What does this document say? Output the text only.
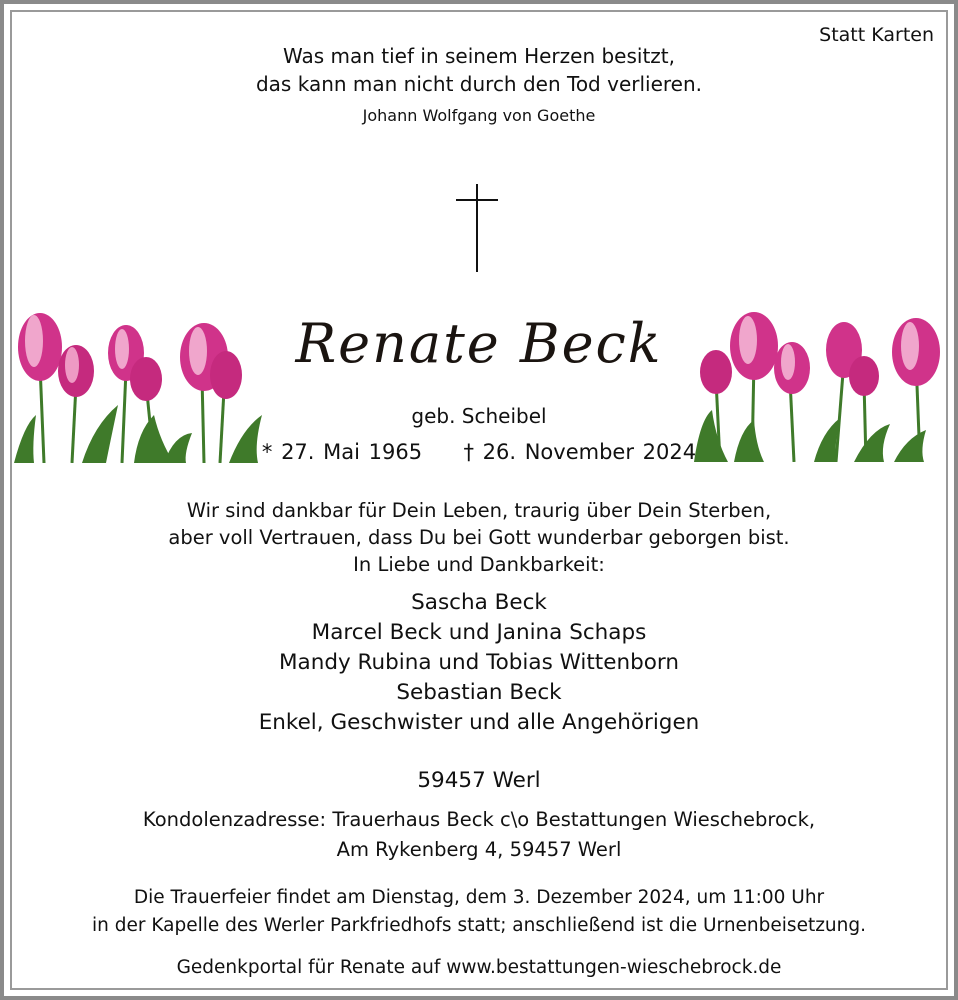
Statt Karten
Was man tief in seinem Herzen besitzt,
das kann man nicht durch den Tod verlieren.
Johann Wolfgang von Goethe
Renate Beck
geb. Scheibel
* 27. Mai 1965 † 26. November 2024
Wir sind dankbar für Dein Leben, traurig über Dein Sterben,
aber voll Vertrauen, dass Du bei Gott wunderbar geborgen bist.
In Liebe und Dankbarkeit:
Sascha Beck
Marcel Beck und Janina Schaps
Mandy Rubina und Tobias Wittenborn
Sebastian Beck
Enkel, Geschwister und alle Angehörigen
59457 Werl
Kondolenzadresse: Trauerhaus Beck c\o Bestattungen Wieschebrock,
Am Rykenberg 4, 59457 Werl
Die Trauerfeier findet am Dienstag, dem 3. Dezember 2024, um 11:00 Uhr
in der Kapelle des Werler Parkfriedhofs statt; anschließend ist die Urnenbeisetzung.
Gedenkportal für Renate auf www.bestattungen-wieschebrock.de
